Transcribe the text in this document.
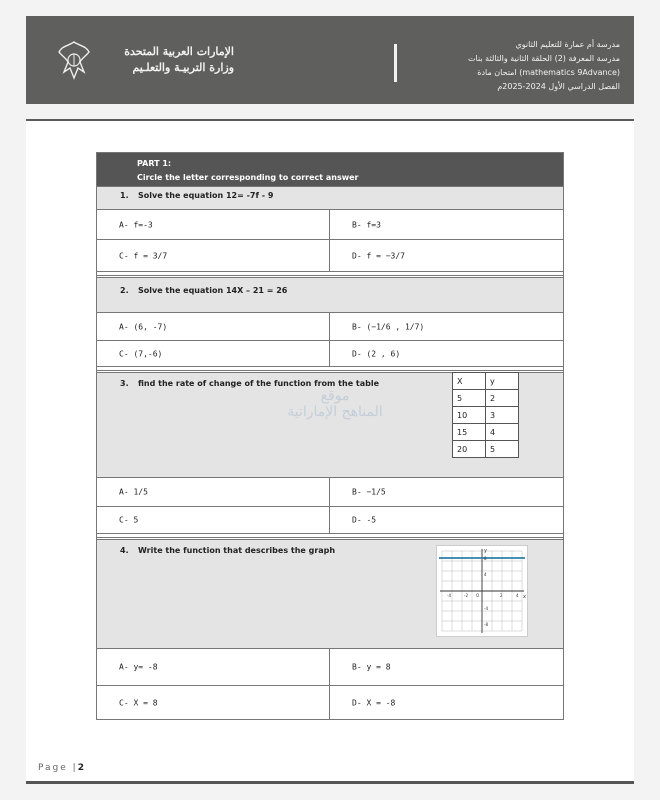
الإمارات العربية المتحدة
وزارة التربيـة والتعلـيم
مدرسة أم عمارة للتعليم الثانوي
مدرسة المعرفة (2) الحلقة الثانية والثالثة بنات
امتحان مادة (mathematics 9Advance)
الفصل الدراسي الأول 2024-2025م
PART 1:
Circle the letter corresponding to correct answer
1. Solve the equation 12= -7f - 9
A- f=-3	B- f=3
C- f = 3/7	D- f = −3/7
2. Solve the equation 14X – 21 = 26
A- (6, -7)	B- (−1/6 , 1/7)
C- (7,-6)	D- (2 , 6)
3. find the rate of change of the function from the table
A- 1/5	B- −1/5
C- 5	D- -5
4. Write the function that describes the graph
A- y= -8	B- y = 8
C- X = 8	D- X = -8
X	y
5	2
10	3
15	4
20	5
موقع
المناهج الإماراتية
x
y
8
4
-4
-8
-4	-2 O	2	4
Page |2
